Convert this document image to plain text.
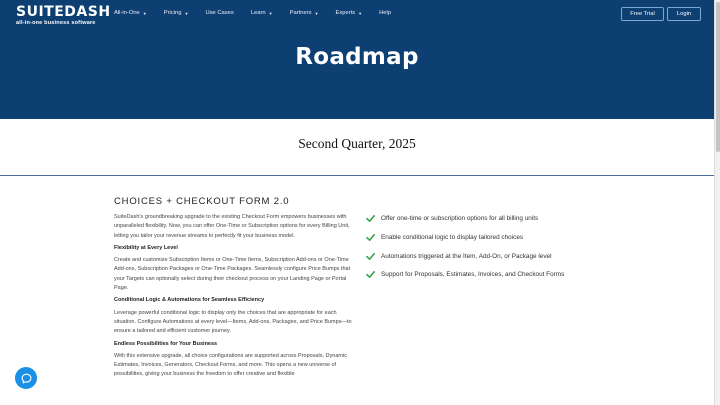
SUITEDASH
all-in-one business software
All-in-One ▼	Pricing ▼	Use Cases	Learn ▼	Partners ▼	Experts ▼	Help	Free Trial	Login
Roadmap
Second Quarter, 2025
CHOICES + CHECKOUT FORM 2.0
SuiteDash's groundbreaking upgrade to the existing Checkout Form empowers businesses with unparalleled flexibility. Now, you can offer One-Time or Subscription options for every Billing Unit, letting you tailor your revenue streams to perfectly fit your business model.
Flexibility at Every Level
Create and customize Subscription Items or One-Time Items, Subscription Add-ons or One-Time Add-ons, Subscription Packages or One-Time Packages. Seamlessly configure Price Bumps that your Targets can optionally select during their checkout process on your Landing Page or Portal Page.
Conditional Logic & Automations for Seamless Efficiency
Leverage powerful conditional logic to display only the choices that are appropriate for each situation. Configure Automations at every level—Items, Add-ons, Packages, and Price Bumps—to ensure a tailored and efficient customer journey.
Endless Possibilities for Your Business
With this extensive upgrade, all choice configurations are supported across Proposals, Dynamic Estimates, Invoices, Generators, Checkout Forms, and more. This opens a new universe of possibilities, giving your business the freedom to offer creative and flexible
Offer one-time or subscription options for all billing units
Enable conditional logic to display tailored choices
Automations triggered at the Item, Add-On, or Package level
Support for Proposals, Estimates, Invoices, and Checkout Forms
